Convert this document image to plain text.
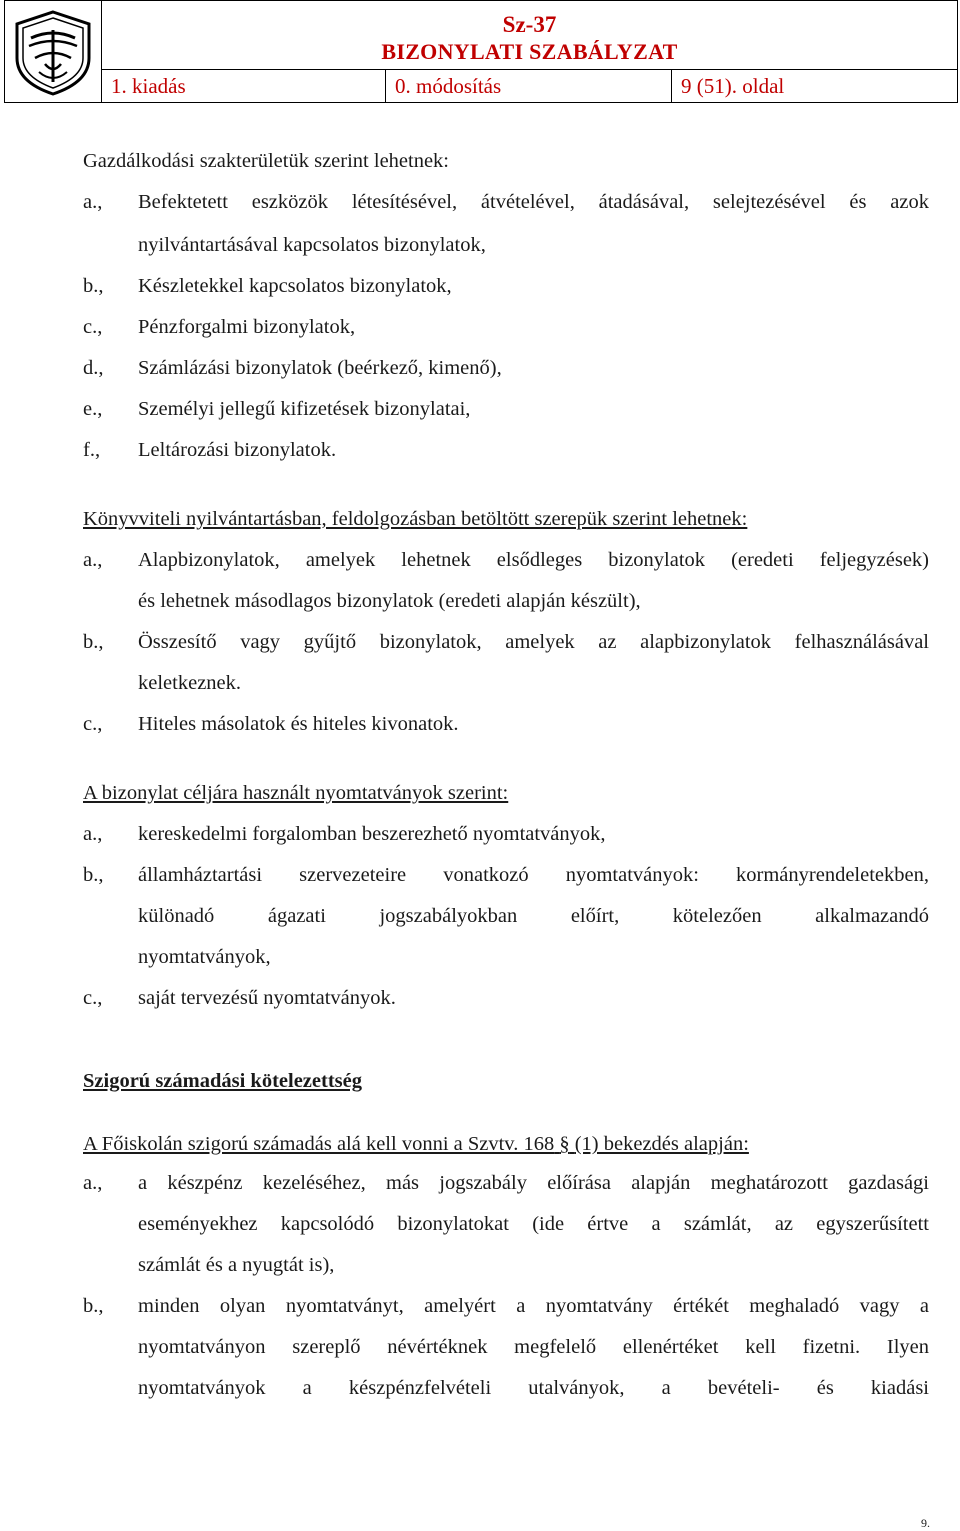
Sz-37
BIZONYLATI SZABÁLYZAT
1. kiadás	0. módosítás	9 (51). oldal
Gazdálkodási szakterületük szerint lehetnek:
a., Befektetett eszközök létesítésével, átvételével, átadásával, selejtezésével és azok
nyilvántartásával kapcsolatos bizonylatok,
b., Készletekkel kapcsolatos bizonylatok,
c., Pénzforgalmi bizonylatok,
d., Számlázási bizonylatok (beérkező, kimenő),
e., Személyi jellegű kifizetések bizonylatai,
f., Leltározási bizonylatok.
Könyvviteli nyilvántartásban, feldolgozásban betöltött szerepük szerint lehetnek:
a., Alapbizonylatok, amelyek lehetnek elsődleges bizonylatok (eredeti feljegyzések)
és lehetnek másodlagos bizonylatok (eredeti alapján készült),
b., Összesítő vagy gyűjtő bizonylatok, amelyek az alapbizonylatok felhasználásával
keletkeznek.
c., Hiteles másolatok és hiteles kivonatok.
A bizonylat céljára használt nyomtatványok szerint:
a., kereskedelmi forgalomban beszerezhető nyomtatványok,
b., államháztartási szervezeteire vonatkozó nyomtatványok: kormányrendeletekben,
különadó ágazati jogszabályokban előírt, kötelezően alkalmazandó
nyomtatványok,
c., saját tervezésű nyomtatványok.
Szigorú számadási kötelezettség
A Főiskolán szigorú számadás alá kell vonni a Szvtv. 168 § (1) bekezdés alapján:
a., a készpénz kezeléséhez, más jogszabály előírása alapján meghatározott gazdasági
eseményekhez kapcsolódó bizonylatokat (ide értve a számlát, az egyszerűsített
számlát és a nyugtát is),
b., minden olyan nyomtatványt, amelyért a nyomtatvány értékét meghaladó vagy a
nyomtatványon szereplő névértéknek megfelelő ellenértéket kell fizetni. Ilyen
nyomtatványok a készpénzfelvételi utalványok, a bevételi- és kiadási
9.
